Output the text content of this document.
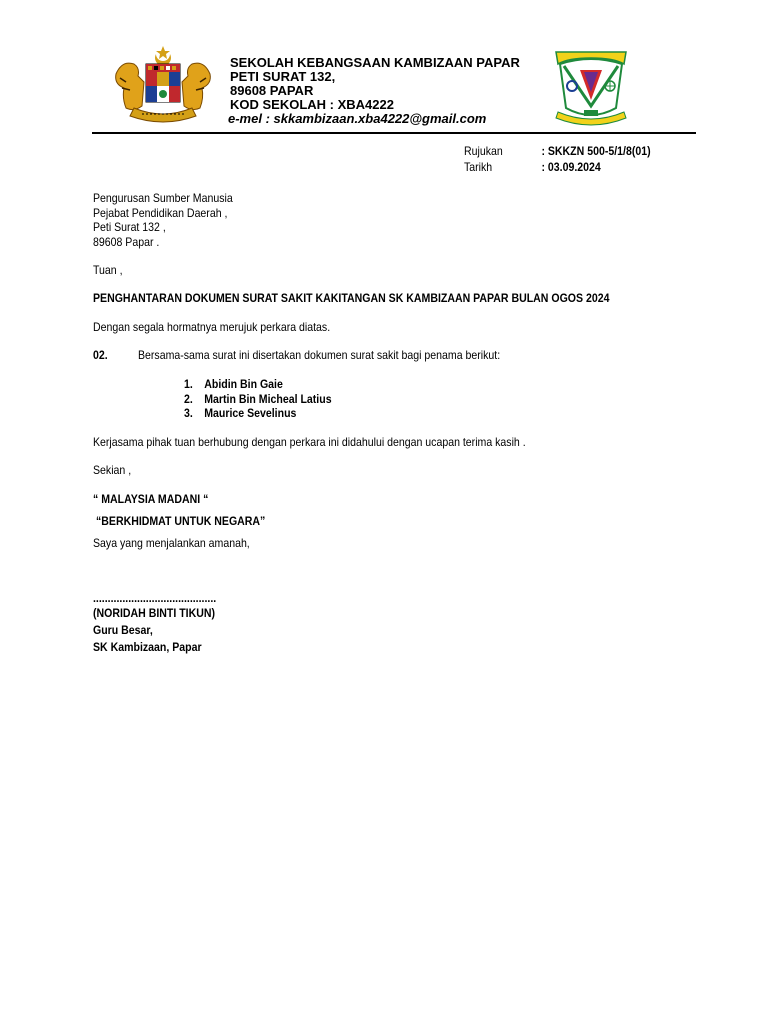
SEKOLAH KEBANGSAAN KAMBIZAAN PAPAR
PETI SURAT 132,
89608 PAPAR
KOD SEKOLAH : XBA4222
e-mel : skkambizaan.xba4222@gmail.com
Rujukan	: SKKZN 500-5/1/8(01)
Tarikh	: 03.09.2024
Pengurusan Sumber Manusia
Pejabat Pendidikan Daerah ,
Peti Surat 132 ,
89608 Papar .
Tuan ,
PENGHANTARAN DOKUMEN SURAT SAKIT KAKITANGAN SK KAMBIZAAN PAPAR BULAN OGOS 2024
Dengan segala hormatnya merujuk perkara diatas.
02.	Bersama-sama surat ini disertakan dokumen surat sakit bagi penama berikut:
1. Abidin Bin Gaie
2. Martin Bin Micheal Latius
3. Maurice Sevelinus
Kerjasama pihak tuan berhubung dengan perkara ini didahului dengan ucapan terima kasih .
Sekian ,
“ MALAYSIA MADANI “
“BERKHIDMAT UNTUK NEGARA”
Saya yang menjalankan amanah,
..........................................
(NORIDAH BINTI TIKUN)
Guru Besar,
SK Kambizaan, Papar
